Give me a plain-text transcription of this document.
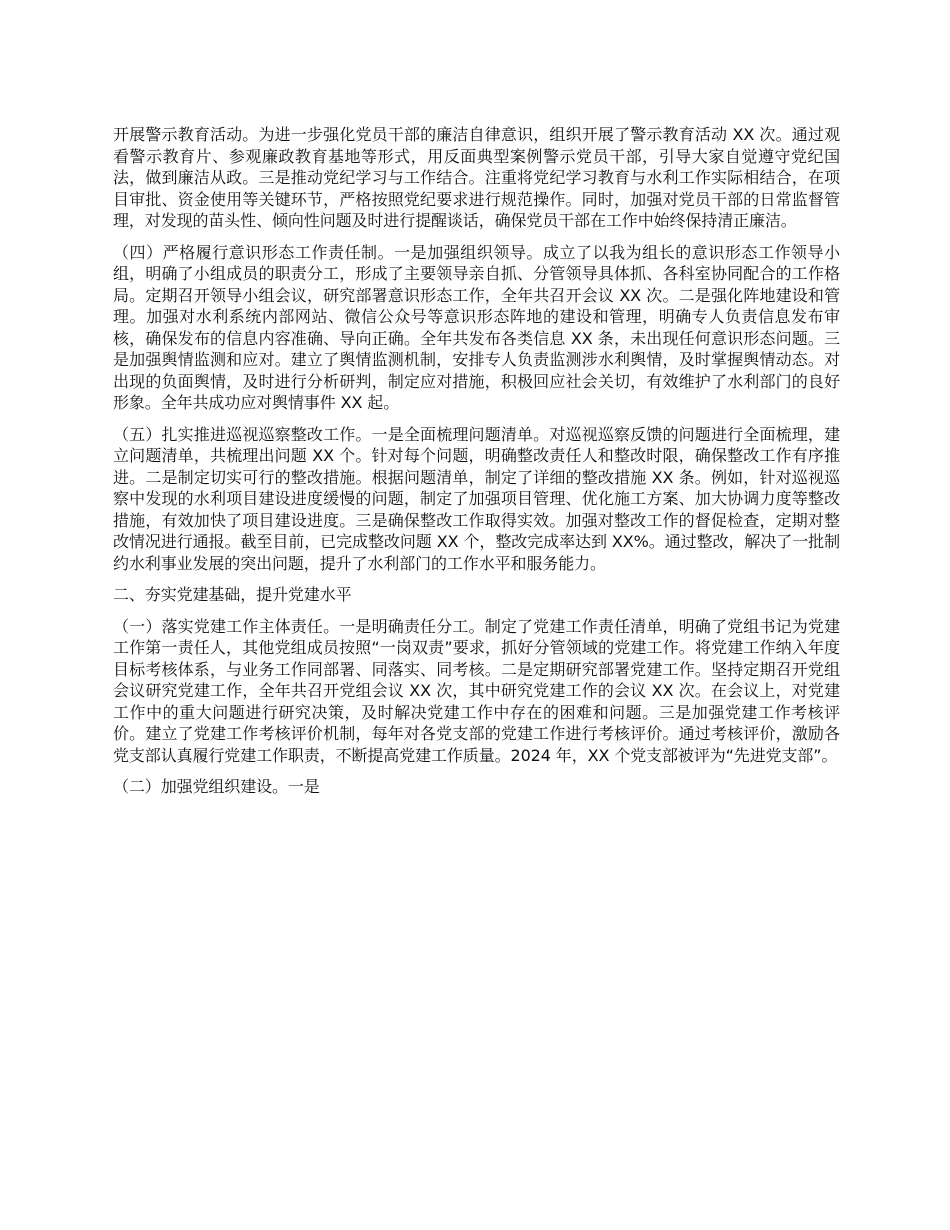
开展警示教育活动。为进一步强化党员干部的廉洁自律意识，组织开展了警示教育活动 XX 次。通过观看警示教育片、参观廉政教育基地等形式，用反面典型案例警示党员干部，引导大家自觉遵守党纪国法，做到廉洁从政。三是推动党纪学习与工作结合。注重将党纪学习教育与水利工作实际相结合，在项目审批、资金使用等关键环节，严格按照党纪要求进行规范操作。同时，加强对党员干部的日常监督管理，对发现的苗头性、倾向性问题及时进行提醒谈话，确保党员干部在工作中始终保持清正廉洁。

（四）严格履行意识形态工作责任制。一是加强组织领导。成立了以我为组长的意识形态工作领导小组，明确了小组成员的职责分工，形成了主要领导亲自抓、分管领导具体抓、各科室协同配合的工作格局。定期召开领导小组会议，研究部署意识形态工作，全年共召开会议 XX 次。二是强化阵地建设和管理。加强对水利系统内部网站、微信公众号等意识形态阵地的建设和管理，明确专人负责信息发布审核，确保发布的信息内容准确、导向正确。全年共发布各类信息 XX 条，未出现任何意识形态问题。三是加强舆情监测和应对。建立了舆情监测机制，安排专人负责监测涉水利舆情，及时掌握舆情动态。对出现的负面舆情，及时进行分析研判，制定应对措施，积极回应社会关切，有效维护了水利部门的良好形象。全年共成功应对舆情事件 XX 起。

（五）扎实推进巡视巡察整改工作。一是全面梳理问题清单。对巡视巡察反馈的问题进行全面梳理，建立问题清单，共梳理出问题 XX 个。针对每个问题，明确整改责任人和整改时限，确保整改工作有序推进。二是制定切实可行的整改措施。根据问题清单，制定了详细的整改措施 XX 条。例如，针对巡视巡察中发现的水利项目建设进度缓慢的问题，制定了加强项目管理、优化施工方案、加大协调力度等整改措施，有效加快了项目建设进度。三是确保整改工作取得实效。加强对整改工作的督促检查，定期对整改情况进行通报。截至目前，已完成整改问题 XX 个，整改完成率达到 XX%。通过整改，解决了一批制约水利事业发展的突出问题，提升了水利部门的工作水平和服务能力。

二、夯实党建基础，提升党建水平

（一）落实党建工作主体责任。一是明确责任分工。制定了党建工作责任清单，明确了党组书记为党建工作第一责任人，其他党组成员按照“一岗双责”要求，抓好分管领域的党建工作。将党建工作纳入年度目标考核体系，与业务工作同部署、同落实、同考核。二是定期研究部署党建工作。坚持定期召开党组会议研究党建工作，全年共召开党组会议 XX 次，其中研究党建工作的会议 XX 次。在会议上，对党建工作中的重大问题进行研究决策，及时解决党建工作中存在的困难和问题。三是加强党建工作考核评价。建立了党建工作考核评价机制，每年对各党支部的党建工作进行考核评价。通过考核评价，激励各党支部认真履行党建工作职责，不断提高党建工作质量。2024 年，XX 个党支部被评为“先进党支部”。

（二）加强党组织建设。一是
